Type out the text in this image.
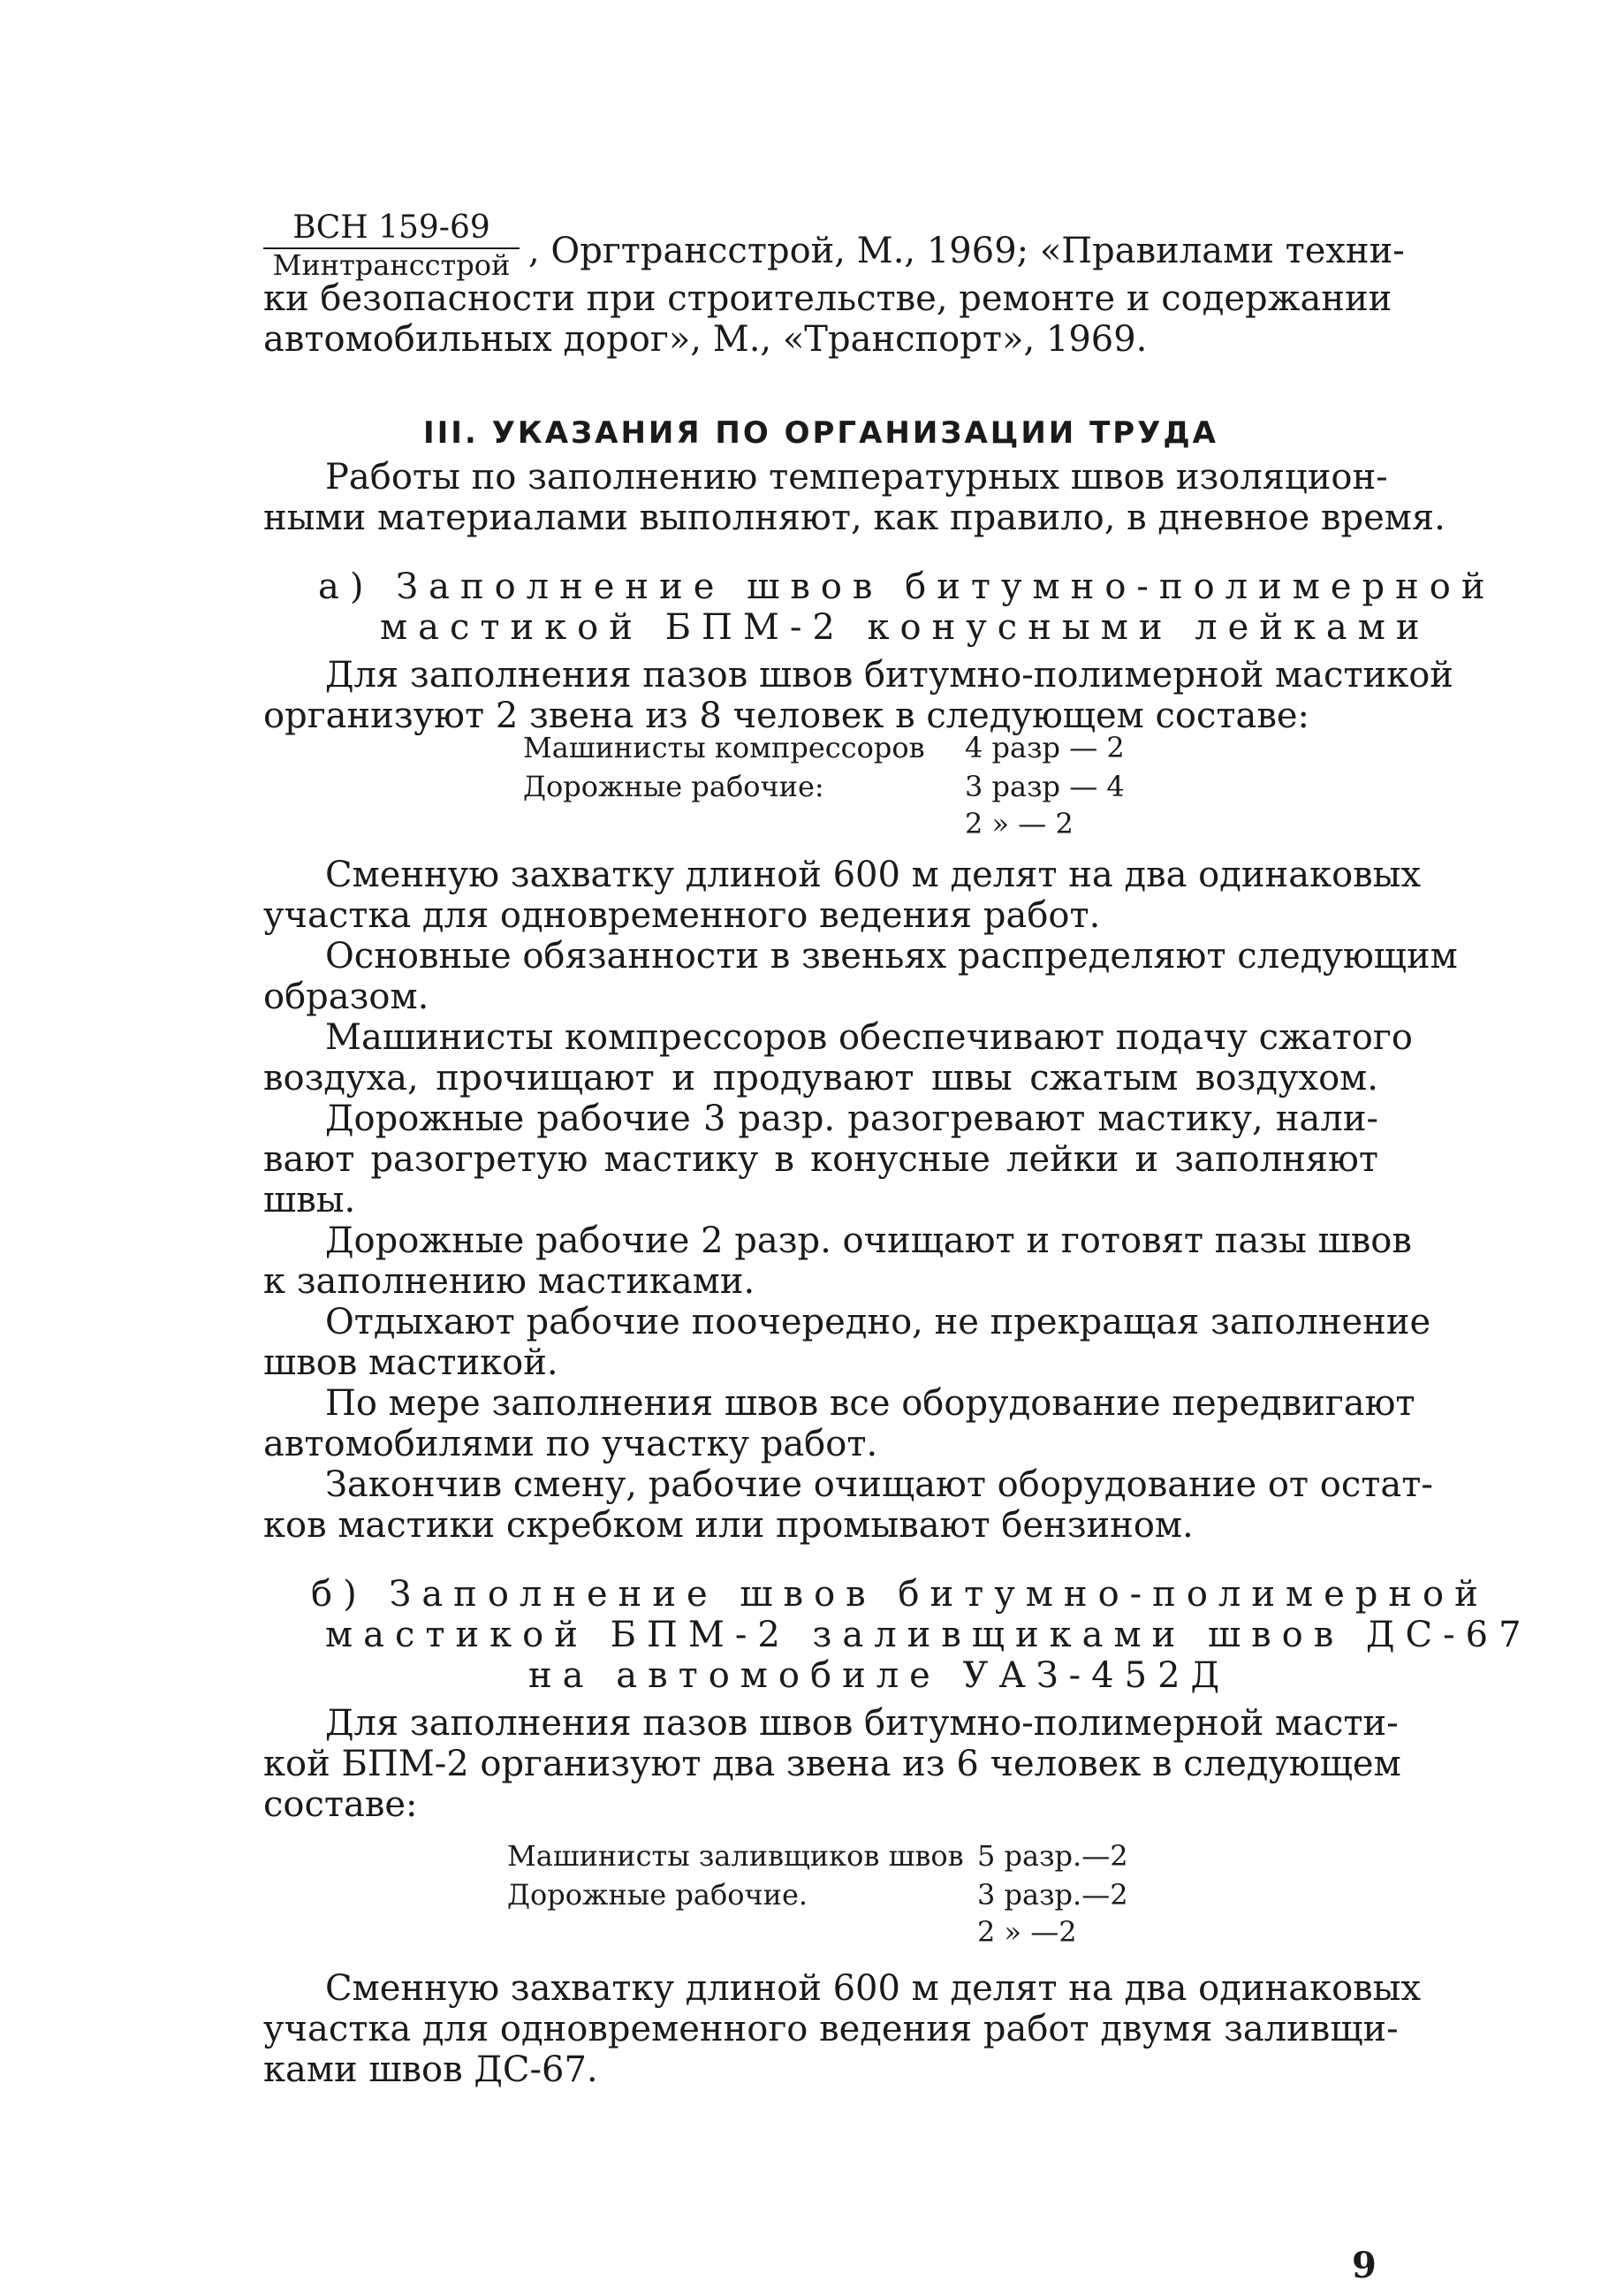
ВСН 159-69
Минтрансстрой , Оргтрансстрой, М., 1969; «Правилами техни-
ки безопасности при строительстве, ремонте и содержании
автомобильных дорог», М., «Транспорт», 1969.
III. УКАЗАНИЯ ПО ОРГАНИЗАЦИИ ТРУДА
Работы по заполнению температурных швов изоляцион-
ными материалами выполняют, как правило, в дневное время.
а) Заполнение швов битумно-полимерной
мастикой БПМ-2 конусными лейками
Для заполнения пазов швов битумно-полимерной мастикой
организуют 2 звена из 8 человек в следующем составе:
Машинисты компрессоров 4 разр — 2
Дорожные рабочие:	3 разр — 4
2 » — 2
Сменную захватку длиной 600 м делят на два одинаковых
участка для одновременного ведения работ.
Основные обязанности в звеньях распределяют следующим
образом.
Машинисты компрессоров обеспечивают подачу сжатого
воздуха, прочищают и продувают швы сжатым воздухом.
Дорожные рабочие 3 разр. разогревают мастику, нали-
вают разогретую мастику в конусные лейки и заполняют
швы.
Дорожные рабочие 2 разр. очищают и готовят пазы швов
к заполнению мастиками.
Отдыхают рабочие поочередно, не прекращая заполнение
швов мастикой.
По мере заполнения швов все оборудование передвигают
автомобилями по участку работ.
Закончив смену, рабочие очищают оборудование от остат-
ков мастики скребком или промывают бензином.
б) Заполнение швов битумно-полимерной
мастикой БПМ-2 заливщиками швов ДС-67
на автомобиле УАЗ-452Д
Для заполнения пазов швов битумно-полимерной масти-
кой БПМ-2 организуют два звена из 6 человек в следующем
составе:
Машинисты заливщиков швов 5 разр.—2
Дорожные рабочие.	3 разр.—2
2 » —2
Сменную захватку длиной 600 м делят на два одинаковых
участка для одновременного ведения работ двумя заливщи-
ками швов ДС-67.
9
